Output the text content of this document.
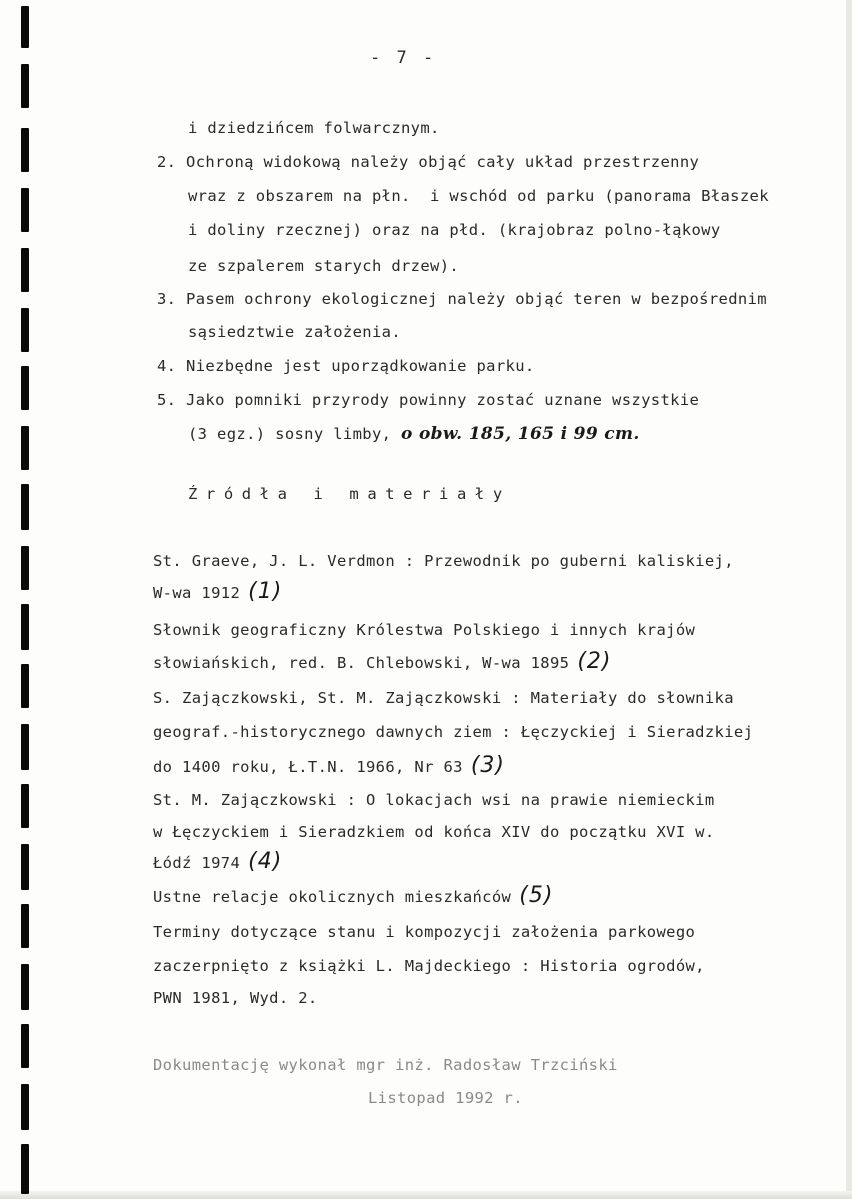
- 7 -
i dziedzińcem folwarcznym.
2. Ochroną widokową należy objąć cały układ przestrzenny
wraz z obszarem na płn.  i wschód od parku (panorama Błaszek
i doliny rzecznej) oraz na płd. (krajobraz polno-łąkowy
ze szpalerem starych drzew).
3. Pasem ochrony ekologicznej należy objąć teren w bezpośrednim
sąsiedztwie założenia.
4. Niezbędne jest uporządkowanie parku.
5. Jako pomniki przyrody powinny zostać uznane wszystkie
(3 egz.) sosny limby, o obw. 185, 165 i 99 cm.
Źródła i materiały
St. Graeve, J. L. Verdmon : Przewodnik po guberni kaliskiej,
W-wa 1912 (1)
Słownik geograficzny Królestwa Polskiego i innych krajów
słowiańskich, red. B. Chlebowski, W-wa 1895 (2)
S. Zajączkowski, St. M. Zajączkowski : Materiały do słownika
geograf.-historycznego dawnych ziem : Łęczyckiej i Sieradzkiej
do 1400 roku, Ł.T.N. 1966, Nr 63 (3)
St. M. Zajączkowski : O lokacjach wsi na prawie niemieckim
w Łęczyckiem i Sieradzkiem od końca XIV do początku XVI w.
Łódź 1974 (4)
Ustne relacje okolicznych mieszkańców (5)
Terminy dotyczące stanu i kompozycji założenia parkowego
zaczerpnięto z książki L. Majdeckiego : Historia ogrodów,
PWN 1981, Wyd. 2.
Dokumentację wykonał mgr inż. Radosław Trzciński
Listopad 1992 r.
